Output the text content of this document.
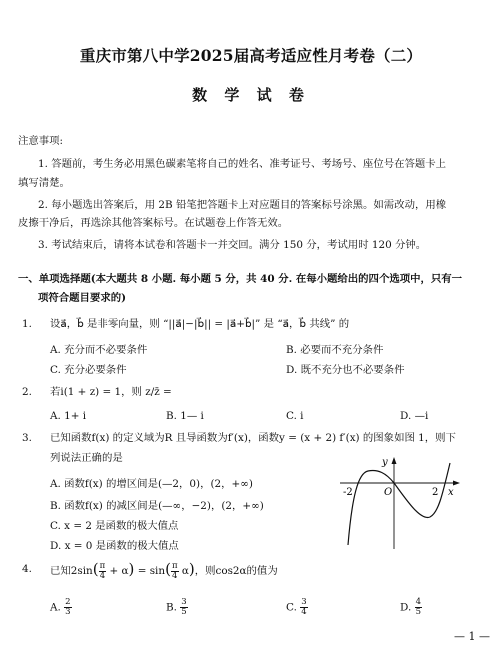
重庆市第八中学2025届高考适应性月考卷（二）
数 学 试 卷
注意事项:
1. 答题前，考生务必用黑色碳素笔将自己的姓名、准考证号、考场号、座位号在答题卡上
填写清楚。
2. 每小题选出答案后，用 2B 铅笔把答题卡上对应题目的答案标号涂黑。如需改动，用橡
皮擦干净后，再选涂其他答案标号。在试题卷上作答无效。
3. 考试结束后，请将本试卷和答题卡一并交回。满分 150 分，考试用时 120 分钟。
一、单项选择题(本大题共 8 小题. 每小题 5 分，共 40 分. 在每小题给出的四个选项中，只有一
项符合题目要求的)
1. 设a⃗，b⃗ 是非零向量，则 “||a⃗|−|b⃗|| = |a⃗+b⃗|” 是 “a⃗，b⃗ 共线” 的
A. 充分而不必要条件	B. 必要而不充分条件
C. 充分必要条件	D. 既不充分也不必要条件
2. 若i(1 + z) = 1，则 z/z̄ =
A. 1+ i	B. 1— i	C. i	D. —i
3. 已知函数f(x) 的定义域为R 且导函数为f′(x)，函数y = (x + 2) f′(x) 的图象如图 1，则下
列说法正确的是
A. 函数f(x) 的增区间是(—2，0)，(2，+∞)
B. 函数f(x) 的减区间是(—∞，−2)，(2，+∞)
C. x = 2 是函数的极大值点
D. x = 0 是函数的极大值点
y
x
O
-2	2
4. 已知$2\sin( \frac{\pi}{4} + \alpha) = \sin( \frac{\pi}{4} \alpha)$，则cos2α的值为
A. $\frac{2}{3}$	B. $\frac{3}{5}$	C. $\frac{3}{4}$	D. $\frac{4}{5}$
— 1 —
